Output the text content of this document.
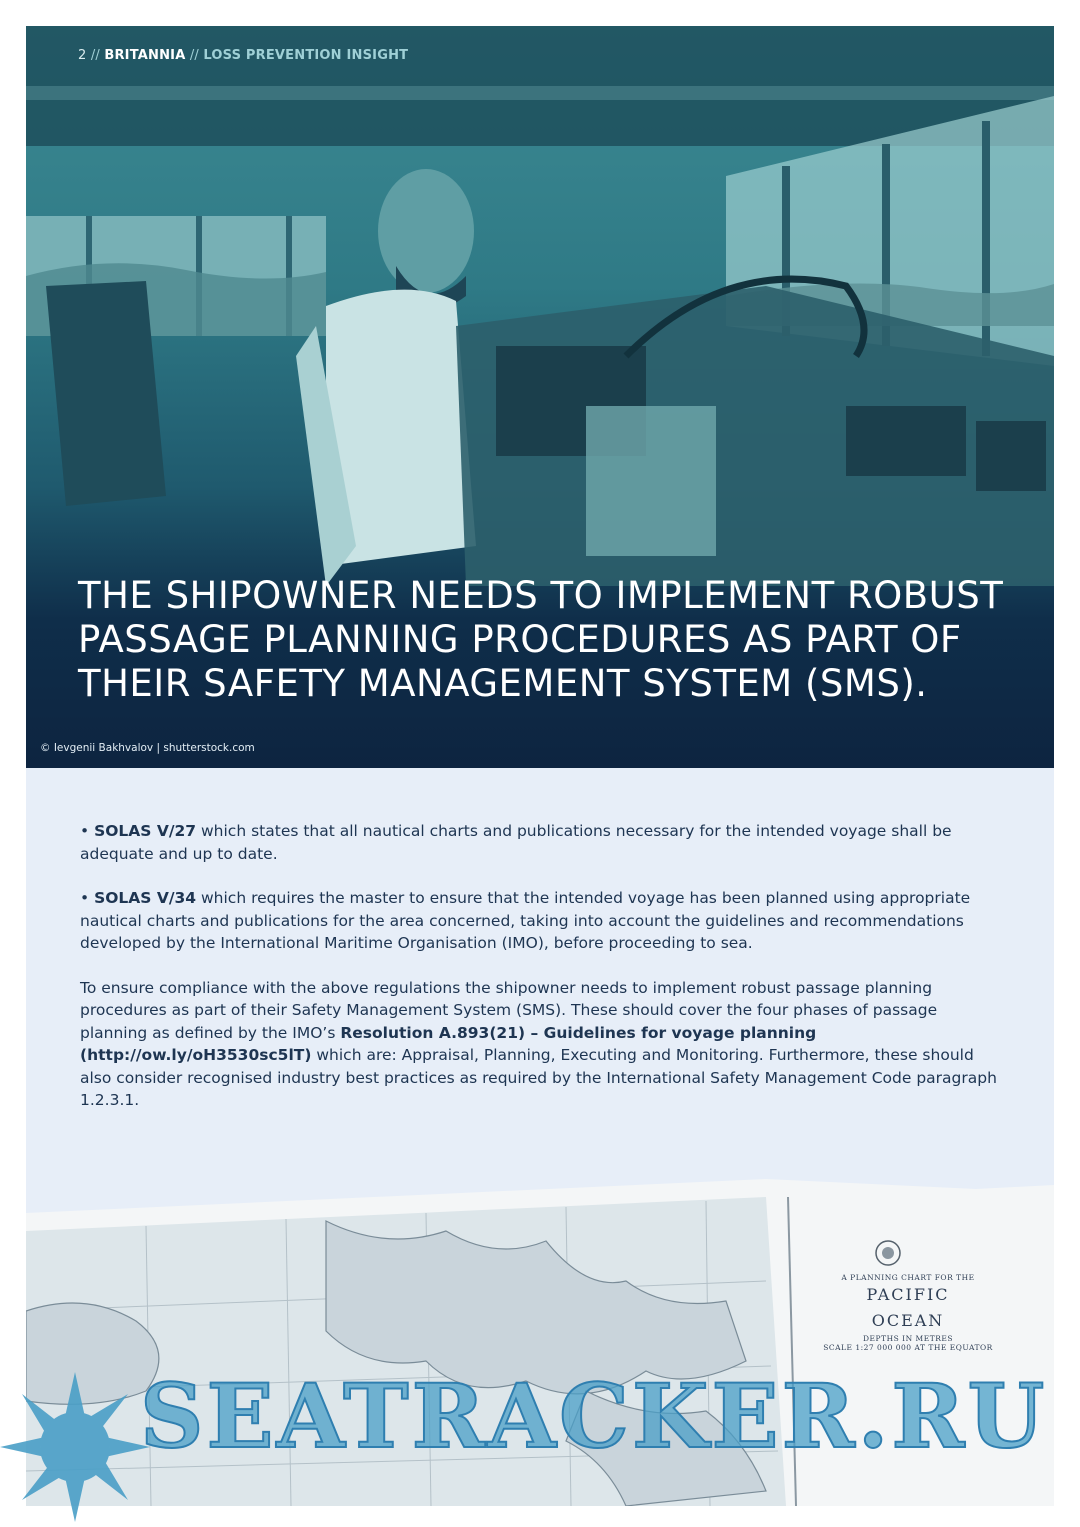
2 // BRITANNIA // LOSS PREVENTION INSIGHT
THE SHIPOWNER NEEDS TO IMPLEMENT ROBUST PASSAGE PLANNING PROCEDURES AS PART OF THEIR SAFETY MANAGEMENT SYSTEM (SMS).
© Ievgenii Bakhvalov | shutterstock.com

• SOLAS V/27 which states that all nautical charts and publications necessary for the intended voyage shall be adequate and up to date.

• SOLAS V/34 which requires the master to ensure that the intended voyage has been planned using appropriate nautical charts and publications for the area concerned, taking into account the guidelines and recommendations developed by the International Maritime Organisation (IMO), before proceeding to sea.

To ensure compliance with the above regulations the shipowner needs to implement robust passage planning procedures as part of their Safety Management System (SMS). These should cover the four phases of passage planning as defined by the IMO’s Resolution A.893(21) – Guidelines for voyage planning (http://ow.ly/oH3530sc5lT) which are: Appraisal, Planning, Executing and Monitoring. Furthermore, these should also consider recognised industry best practices as required by the International Safety Management Code paragraph 1.2.3.1.

A PLANNING CHART FOR THE
PACIFIC
OCEAN
DEPTHS IN METRES
SCALE 1:27 000 000 AT THE EQUATOR
SEATRACKER.RU
